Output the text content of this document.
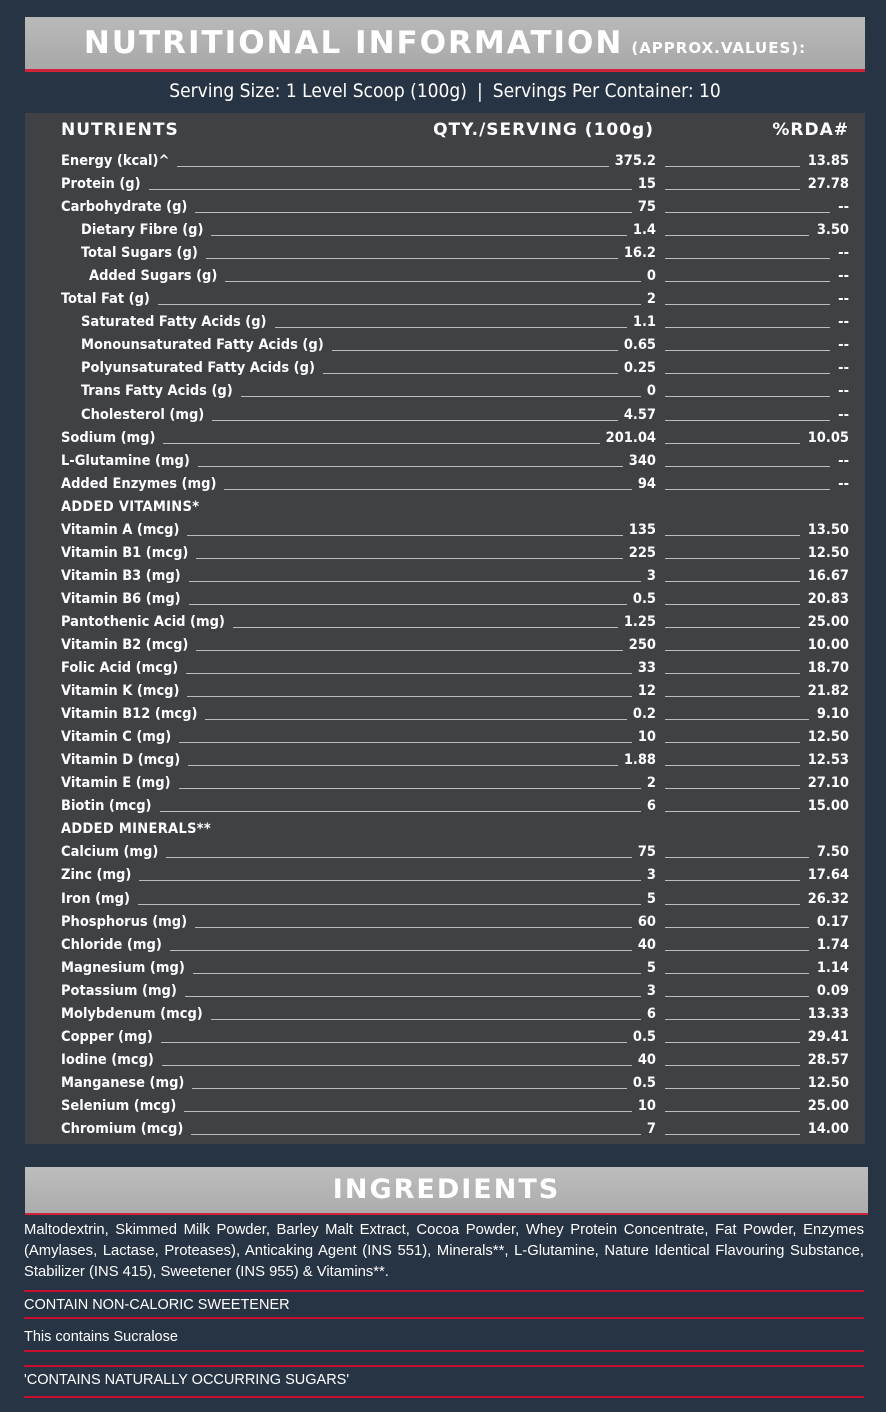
NUTRITIONAL INFORMATION (APPROX.VALUES):
Serving Size: 1 Level Scoop (100g) | Servings Per Container: 10
NUTRIENTS	QTY./SERVING (100g)	%RDA#
Energy (kcal)^	375.2	13.85
Protein (g)	15	27.78
Carbohydrate (g)	75	--
Dietary Fibre (g)	1.4	3.50
Total Sugars (g)	16.2	--
Added Sugars (g)	0	--
Total Fat (g)	2	--
Saturated Fatty Acids (g)	1.1	--
Monounsaturated Fatty Acids (g)	0.65	--
Polyunsaturated Fatty Acids (g)	0.25	--
Trans Fatty Acids (g)	0	--
Cholesterol (mg)	4.57	--
Sodium (mg)	201.04	10.05
L-Glutamine (mg)	340	--
Added Enzymes (mg)	94	--
ADDED VITAMINS*
Vitamin A (mcg)	135	13.50
Vitamin B1 (mcg)	225	12.50
Vitamin B3 (mg)	3	16.67
Vitamin B6 (mg)	0.5	20.83
Pantothenic Acid (mg)	1.25	25.00
Vitamin B2 (mcg)	250	10.00
Folic Acid (mcg)	33	18.70
Vitamin K (mcg)	12	21.82
Vitamin B12 (mcg)	0.2	9.10
Vitamin C (mg)	10	12.50
Vitamin D (mcg)	1.88	12.53
Vitamin E (mg)	2	27.10
Biotin (mcg)	6	15.00
ADDED MINERALS**
Calcium (mg)	75	7.50
Zinc (mg)	3	17.64
Iron (mg)	5	26.32
Phosphorus (mg)	60	0.17
Chloride (mg)	40	1.74
Magnesium (mg)	5	1.14
Potassium (mg)	3	0.09
Molybdenum (mcg)	6	13.33
Copper (mg)	0.5	29.41
Iodine (mcg)	40	28.57
Manganese (mg)	0.5	12.50
Selenium (mcg)	10	25.00
Chromium (mcg)	7	14.00
INGREDIENTS
Maltodextrin, Skimmed Milk Powder, Barley Malt Extract, Cocoa Powder, Whey Protein Concentrate, Fat Powder, Enzymes (Amylases, Lactase, Proteases), Anticaking Agent (INS 551), Minerals**, L-Glutamine, Nature Identical Flavouring Substance, Stabilizer (INS 415), Sweetener (INS 955) & Vitamins**.
CONTAIN NON-CALORIC SWEETENER
This contains Sucralose
'CONTAINS NATURALLY OCCURRING SUGARS'
